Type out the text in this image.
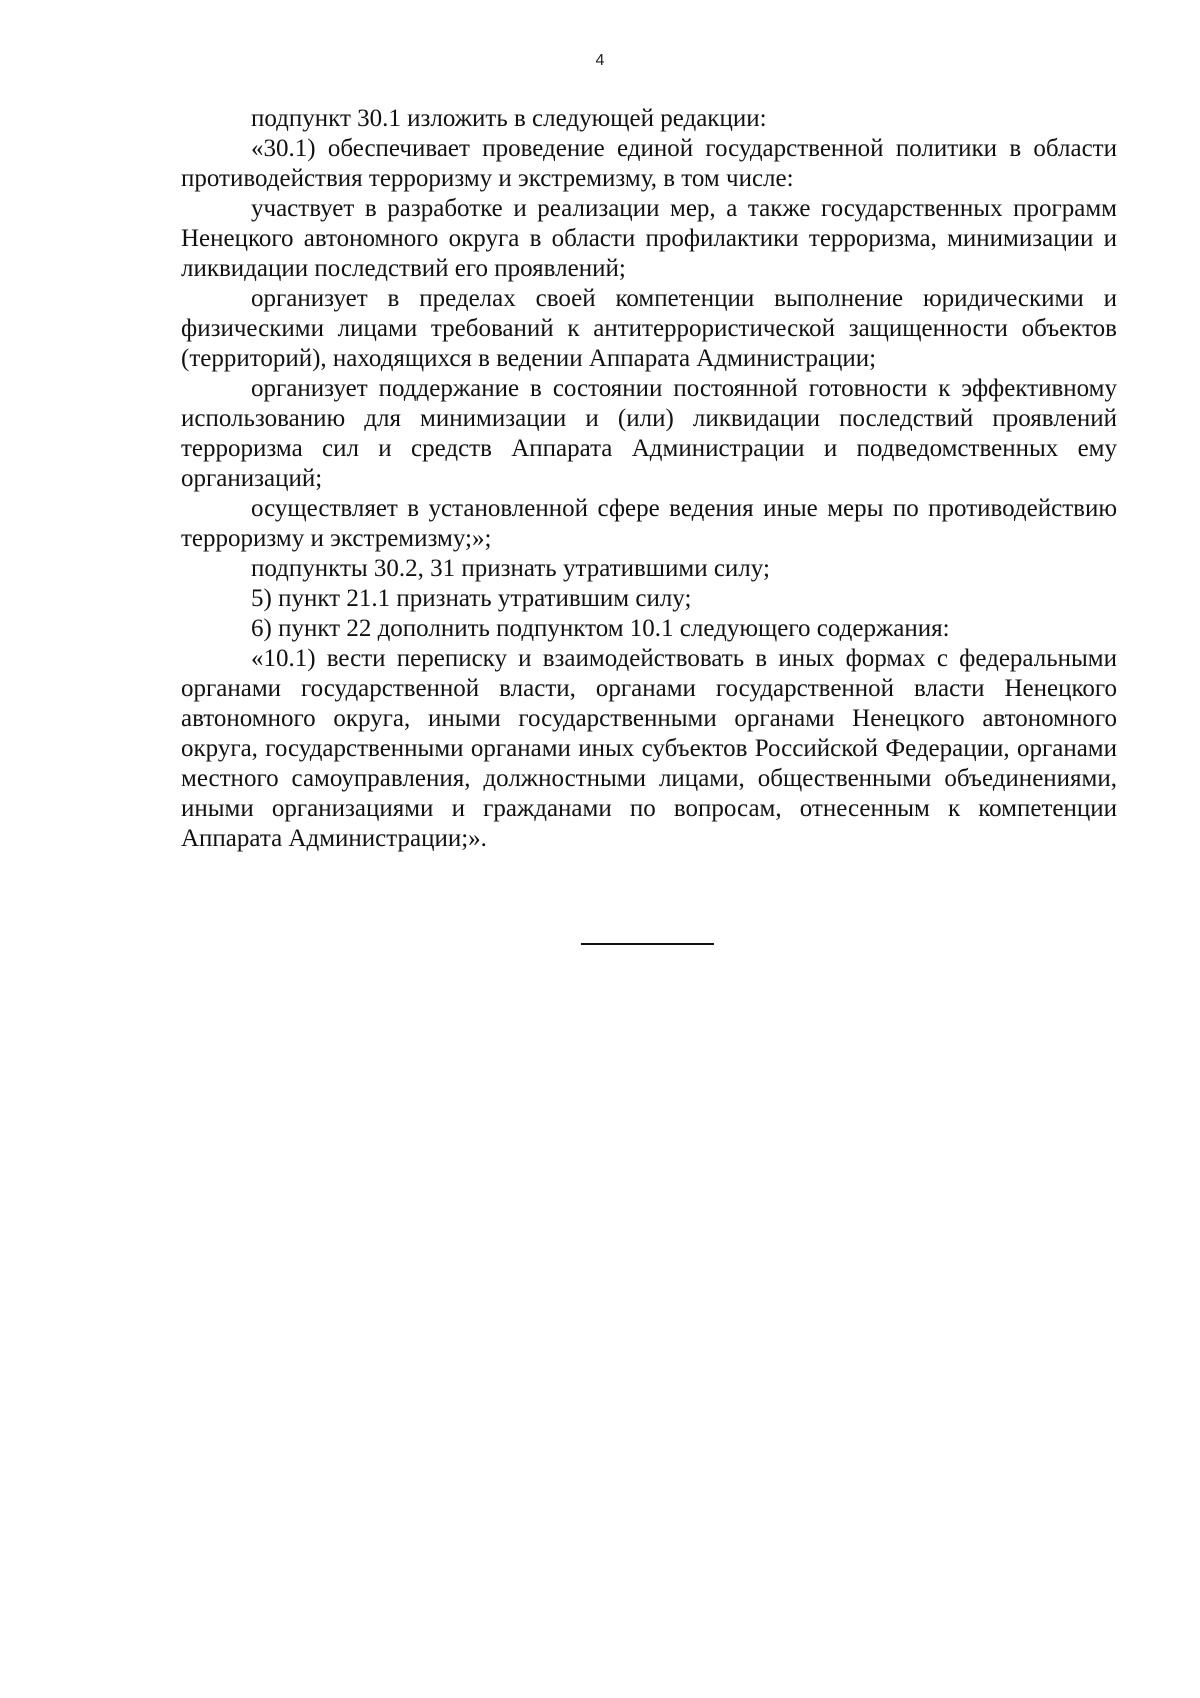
4

подпункт 30.1 изложить в следующей редакции:

«30.1) обеспечивает проведение единой государственной политики в области противодействия терроризму и экстремизму, в том числе:

участвует в разработке и реализации мер, а также государственных программ Ненецкого автономного округа в области профилактики терроризма, минимизации и ликвидации последствий его проявлений;

организует в пределах своей компетенции выполнение юридическими и физическими лицами требований к антитеррористической защищенности объектов (территорий), находящихся в ведении Аппарата Администрации;

организует поддержание в состоянии постоянной готовности к эффективному использованию для минимизации и (или) ликвидации последствий проявлений терроризма сил и средств Аппарата Администрации и подведомственных ему организаций;

осуществляет в установленной сфере ведения иные меры по противодействию терроризму и экстремизму;»;

подпункты 30.2, 31 признать утратившими силу;

5) пункт 21.1 признать утратившим силу;

6) пункт 22 дополнить подпунктом 10.1 следующего содержания:

«10.1) вести переписку и взаимодействовать в иных формах с федеральными органами государственной власти, органами государственной власти Ненецкого автономного округа, иными государственными органами Ненецкого автономного округа, государственными органами иных субъектов Российской Федерации, органами местного самоуправления, должностными лицами, общественными объединениями, иными организациями и гражданами по вопросам, отнесенным к компетенции Аппарата Администрации;».
